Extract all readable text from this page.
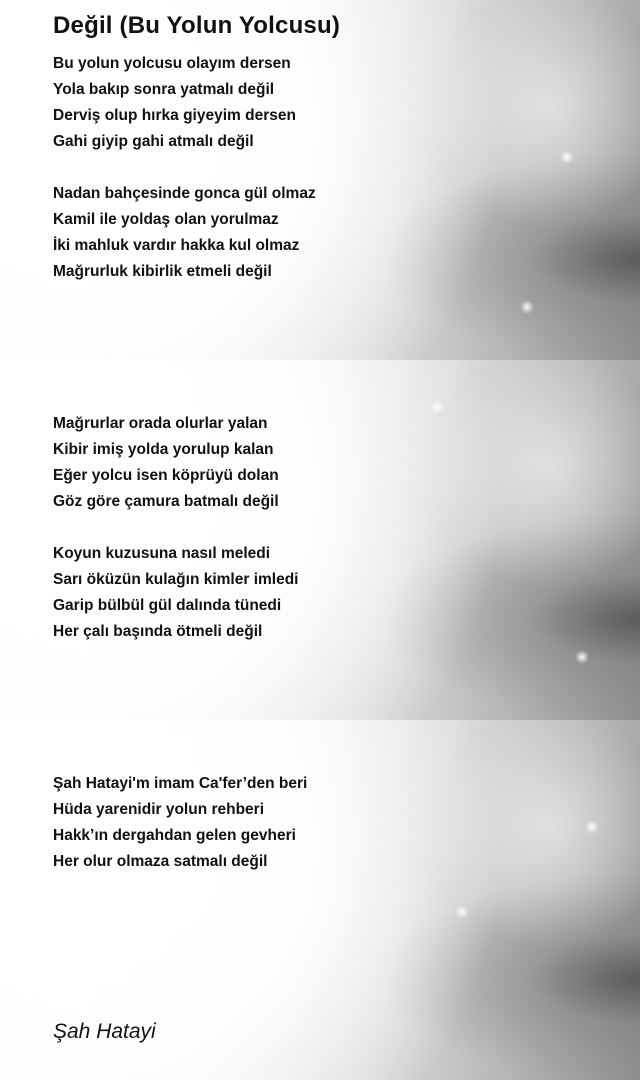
Değil (Bu Yolun Yolcusu)
Bu yolun yolcusu olayım dersen
Yola bakıp sonra yatmalı değil
Derviş olup hırka giyeyim dersen
Gahi giyip gahi atmalı değil
Nadan bahçesinde gonca gül olmaz
Kamil ile yoldaş olan yorulmaz
İki mahluk vardır hakka kul olmaz
Mağrurluk kibirlik etmeli değil
Mağrurlar orada olurlar yalan
Kibir imiş yolda yorulup kalan
Eğer yolcu isen köprüyü dolan
Göz göre çamura batmalı değil
Koyun kuzusuna nasıl meledi
Sarı öküzün kulağın kimler imledi
Garip bülbül gül dalında tünedi
Her çalı başında ötmeli değil
Şah Hatayi'm imam Ca'fer’den beri
Hüda yarenidir yolun rehberi
Hakk’ın dergahdan gelen gevheri
Her olur olmaza satmalı değil
Şah Hatayi
